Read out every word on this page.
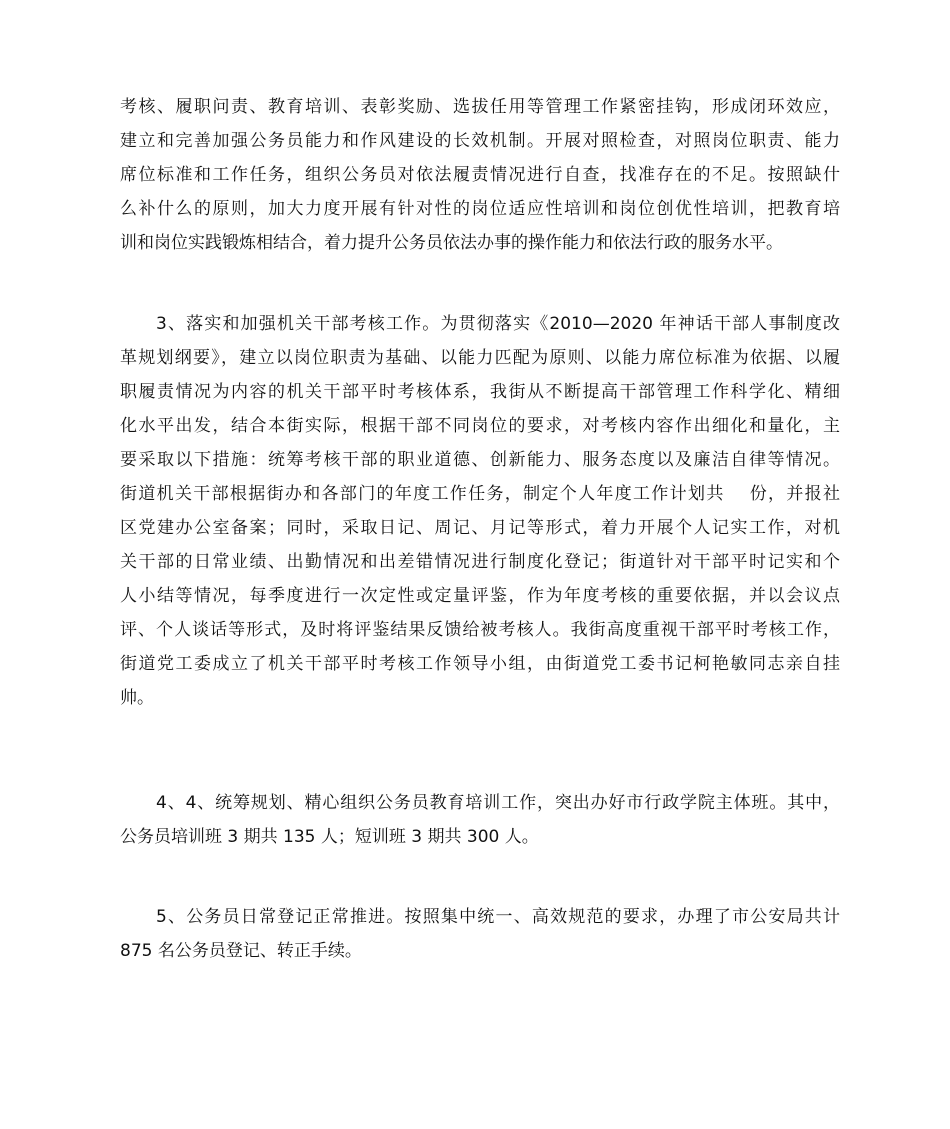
考核、履职问责、教育培训、表彰奖励、选拔任用等管理工作紧密挂钩，形成闭环效应，
建立和完善加强公务员能力和作风建设的长效机制。开展对照检查，对照岗位职责、能力
席位标准和工作任务，组织公务员对依法履责情况进行自查，找准存在的不足。按照缺什
么补什么的原则，加大力度开展有针对性的岗位适应性培训和岗位创优性培训，把教育培
训和岗位实践锻炼相结合，着力提升公务员依法办事的操作能力和依法行政的服务水平。

3、落实和加强机关干部考核工作。为贯彻落实《2010—2020 年神话干部人事制度改
革规划纲要》，建立以岗位职责为基础、以能力匹配为原则、以能力席位标准为依据、以履
职履责情况为内容的机关干部平时考核体系，我街从不断提高干部管理工作科学化、精细
化水平出发，结合本街实际，根据干部不同岗位的要求，对考核内容作出细化和量化，主
要采取以下措施：统筹考核干部的职业道德、创新能力、服务态度以及廉洁自律等情况。
街道机关干部根据街办和各部门的年度工作任务，制定个人年度工作计划共　 份，并报社
区党建办公室备案；同时，采取日记、周记、月记等形式，着力开展个人记实工作，对机
关干部的日常业绩、出勤情况和出差错情况进行制度化登记；街道针对干部平时记实和个
人小结等情况，每季度进行一次定性或定量评鉴，作为年度考核的重要依据，并以会议点
评、个人谈话等形式，及时将评鉴结果反馈给被考核人。我街高度重视干部平时考核工作，
街道党工委成立了机关干部平时考核工作领导小组，由街道党工委书记柯艳敏同志亲自挂
帅。

4、4、统筹规划、精心组织公务员教育培训工作，突出办好市行政学院主体班。其中，
公务员培训班 3 期共 135 人；短训班 3 期共 300 人。

5、公务员日常登记正常推进。按照集中统一、高效规范的要求，办理了市公安局共计
875 名公务员登记、转正手续。
